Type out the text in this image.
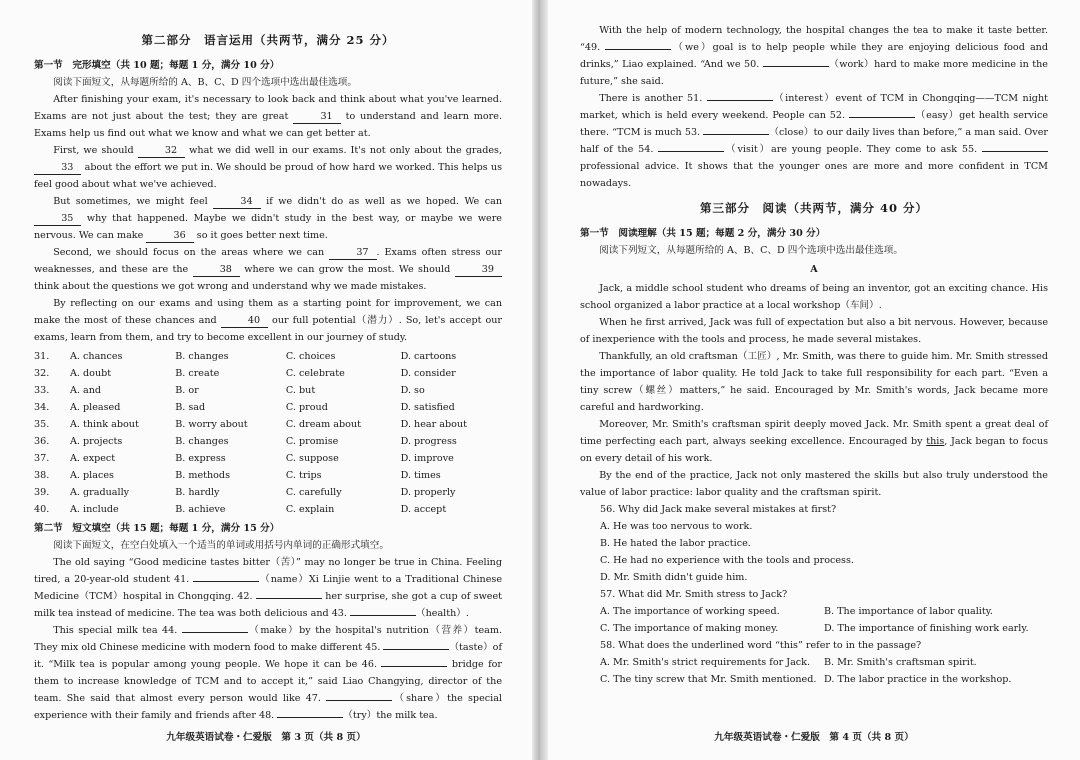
第二部分　语言运用（共两节，满分 25 分）
第一节　完形填空（共 10 题；每题 1 分，满分 10 分）

阅读下面短文，从每题所给的 A、B、C、D 四个选项中选出最佳选项。

After finishing your exam, it's necessary to look back and think about what you've learned. Exams are not just about the test; they are great	31 to understand and learn more. Exams help us find out what we know and what we can get better at.

First, we should	32 what we did well in our exams. It's not only about the grades, 33 about the effort we put in. We should be proud of how hard we worked. This helps us feel good about what we've achieved.

But sometimes, we might feel	34 if we didn't do as well as we hoped. We can 35 why that happened. Maybe we didn't study in the best way, or maybe we were nervous. We can make	36 so it goes better next time.

Second, we should focus on the areas where we can	37 . Exams often stress our weaknesses, and these are the	38 where we can grow the most. We should	39 think about the questions we got wrong and understand why we made mistakes.

By reflecting on our exams and using them as a starting point for improvement, we can make the most of these chances and	40 our full potential（潜力）. So, let's accept our exams, learn from them, and try to become excellent in our journey of study.

31.	A. chances	B. changes	C. choices	D. cartoons
32.	A. doubt	B. create	C. celebrate	D. consider
33.	A. and	B. or	C. but	D. so
34.	A. pleased	B. sad	C. proud	D. satisfied
35.	A. think about	B. worry about	C. dream about	D. hear about
36.	A. projects	B. changes	C. promise	D. progress
37.	A. expect	B. express	C. suppose	D. improve
38.	A. places	B. methods	C. trips	D. times
39.	A. gradually	B. hardly	C. carefully	D. properly
40.	A. include	B. achieve	C. explain	D. accept
第二节　短文填空（共 15 题；每题 1 分，满分 15 分）

阅读下面短文，在空白处填入一个适当的单词或用括号内单词的正确形式填空。

The old saying “Good medicine tastes bitter（苦）” may no longer be true in China. Feeling tired, a 20-year-old student 41.	（name）Xi Linjie went to a Traditional Chinese Medicine（TCM）hospital in Chongqing. 42.	her surprise, she got a cup of sweet milk tea instead of medicine. The tea was both delicious and 43.	（health）.

This special milk tea 44.	（make）by the hospital's nutrition（营养）team. They mix old Chinese medicine with modern food to make different 45.	（taste）of it. “Milk tea is popular among young people. We hope it can be 46.	bridge for them to increase knowledge of TCM and to accept it,” said Liao Changying, director of the team. She said that almost every person would like 47.	（share）the special experience with their family and friends after 48.	（try）the milk tea.

九年级英语试卷・仁爱版　第 3 页（共 8 页）

With the help of modern technology, the hospital changes the tea to make it taste better. “49.	（we）goal is to help people while they are enjoying delicious food and drinks,” Liao explained. “And we 50.	（work）hard to make more medicine in the future,” she said.

There is another 51.	（interest）event of TCM in Chongqing——TCM night market, which is held every weekend. People can 52.	（easy）get health service there. “TCM is much 53.	（close）to our daily lives than before,” a man said. Over half of the 54.	（visit）are young people. They come to ask 55.  professional advice. It shows that the younger ones are more and more confident in TCM nowadays.

第三部分　阅读（共两节，满分 40 分）
第一节　阅读理解（共 15 题；每题 2 分，满分 30 分）

阅读下列短文，从每题所给的 A、B、C、D 四个选项中选出最佳选项。

A

Jack, a middle school student who dreams of being an inventor, got an exciting chance. His school organized a labor practice at a local workshop（车间）.

When he first arrived, Jack was full of expectation but also a bit nervous. However, because of inexperience with the tools and process, he made several mistakes.

Thankfully, an old craftsman（工匠）, Mr. Smith, was there to guide him. Mr. Smith stressed the importance of labor quality. He told Jack to take full responsibility for each part. “Even a tiny screw（螺丝）matters,” he said. Encouraged by Mr. Smith's words, Jack became more careful and hardworking.

Moreover, Mr. Smith's craftsman spirit deeply moved Jack. Mr. Smith spent a great deal of time perfecting each part, always seeking excellence. Encouraged by this, Jack began to focus on every detail of his work.

By the end of the practice, Jack not only mastered the skills but also truly understood the value of labor practice: labor quality and the craftsman spirit.

56. Why did Jack make several mistakes at first?
A. He was too nervous to work.
B. He hated the labor practice.
C. He had no experience with the tools and process.
D. Mr. Smith didn't guide him.
57. What did Mr. Smith stress to Jack?
A. The importance of working speed.	B. The importance of labor quality.
C. The importance of making money.	D. The importance of finishing work early.
58. What does the underlined word “this” refer to in the passage?
A. Mr. Smith's strict requirements for Jack.	B. Mr. Smith's craftsman spirit.
C. The tiny screw that Mr. Smith mentioned. D. The labor practice in the workshop.
九年级英语试卷・仁爱版　第 4 页（共 8 页）
